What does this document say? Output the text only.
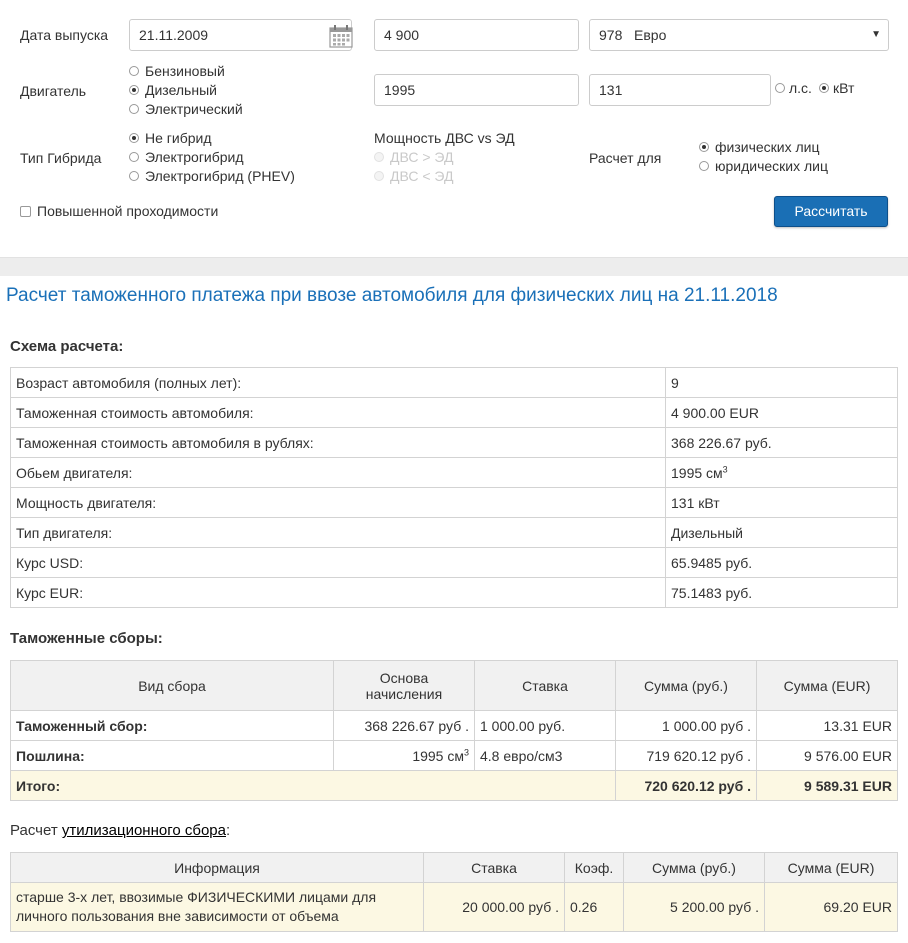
Дата выпуска	21.11.2009	4 900	978   Евро	▼
Двигатель
Бензиновый
Дизельный
Электрический
1995	131	л.с.	кВт
Тип Гибрида
Не гибрид
Электрогибрид
Электрогибрид (PHEV)
Мощность ДВС vs ЭД
ДВС > ЭД
ДВС < ЭД
Расчет для
физических лиц
юридических лиц
Повышенной проходимости	Рассчитать
Расчет таможенного платежа при ввозе автомобиля для физических лиц на 21.11.2018
Схема расчета:
Возраст автомобиля (полных лет):	9
Таможенная стоимость автомобиля:	4 900.00 EUR
Таможенная стоимость автомобиля в рублях:	368 226.67 руб.
Обьем двигателя:	1995 $см^3$
Мощность двигателя:	131 кВт
Тип двигателя:	Дизельный
Курс USD:	65.9485 руб.
Курс EUR:	75.1483 руб.
Таможенные сборы:
Вид сбора	Основа начисления	Ставка	Сумма (руб.)	Сумма (EUR)
Таможенный сбор:	368 226.67 руб .	1 000.00 руб.	1 000.00 руб .	13.31 EUR
Пошлина:	1995 $см^3$	4.8 евро/см3	719 620.12 руб .	9 576.00 EUR
Итого:			720 620.12 руб .	9 589.31 EUR
Расчет утилизационного сбора:
Информация	Ставка	Коэф.	Сумма (руб.)	Сумма (EUR)
старше 3-х лет, ввозимые ФИЗИЧЕСКИМИ лицами для личного пользования вне зависимости от объема	20 000.00 руб .	0.26	5 200.00 руб .	69.20 EUR
